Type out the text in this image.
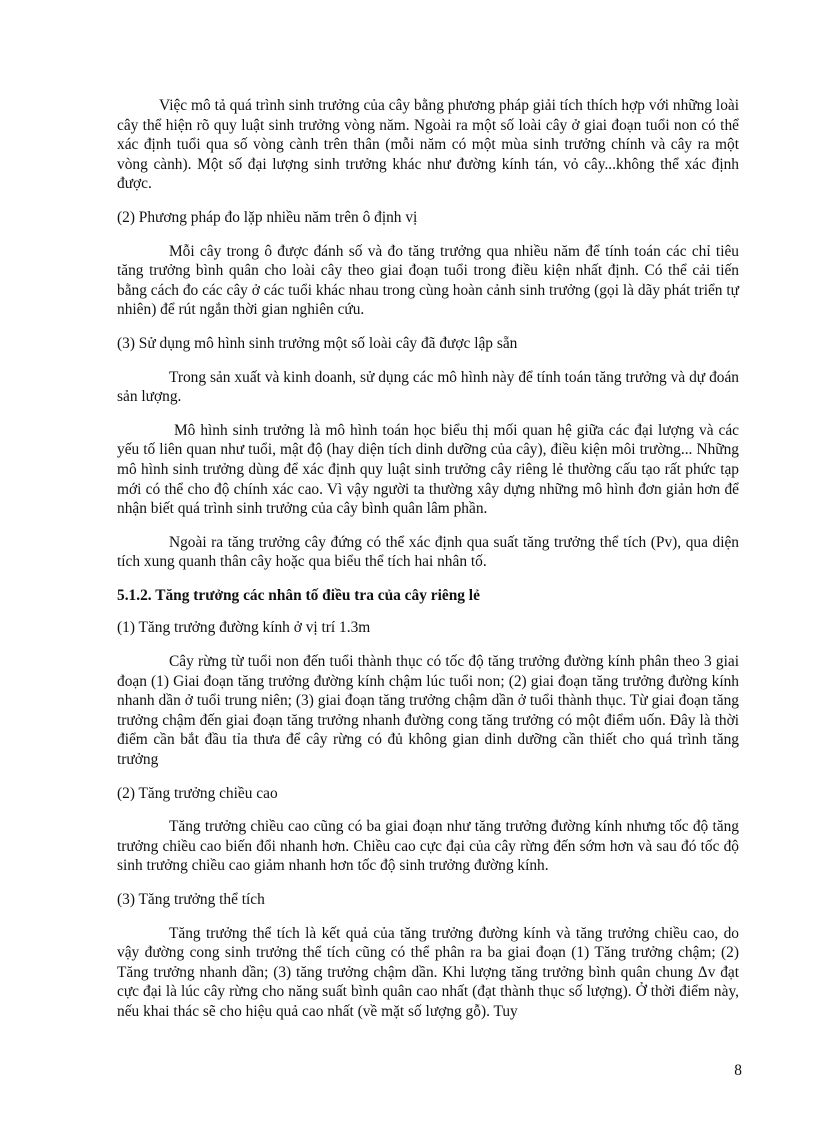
Việc mô tả quá trình sinh trưởng của cây bằng phương pháp giải tích thích hợp với những loài cây thể hiện rõ quy luật sinh trưởng vòng năm. Ngoài ra một số loài cây ở giai đoạn tuổi non có thể xác định tuổi qua số vòng cành trên thân (mỗi năm có một mùa sinh trưởng chính và cây ra một vòng cành). Một số đại lượng sinh trưởng khác như đường kính tán, vỏ cây...không thể xác định được.

(2) Phương pháp đo lặp nhiều năm trên ô định vị

Mỗi cây trong ô được đánh số và đo tăng trưởng qua nhiều năm để tính toán các chỉ tiêu tăng trưởng bình quân cho loài cây theo giai đoạn tuổi trong điều kiện nhất định. Có thể cải tiến bằng cách đo các cây ở các tuổi khác nhau trong cùng hoàn cảnh sinh trưởng (gọi là dãy phát triển tự nhiên) để rút ngắn thời gian nghiên cứu.

(3) Sử dụng mô hình sinh trưởng một số loài cây đã được lập sẵn

Trong sản xuất và kinh doanh, sử dụng các mô hình này để tính toán tăng trưởng và dự đoán sản lượng.

Mô hình sinh trưởng là mô hình toán học biểu thị mối quan hệ giữa các đại lượng và các yếu tố liên quan như tuổi, mật độ (hay diện tích dinh dưỡng của cây), điều kiện môi trường... Những mô hình sinh trưởng dùng để xác định quy luật sinh trưởng cây riêng lẻ thường cấu tạo rất phức tạp mới có thể cho độ chính xác cao. Vì vậy người ta thường xây dựng những mô hình đơn giản hơn để nhận biết quá trình sinh trưởng của cây bình quân lâm phần.

Ngoài ra tăng trưởng cây đứng có thể xác định qua suất tăng trưởng thể tích (Pv), qua diện tích xung quanh thân cây hoặc qua biểu thể tích hai nhân tố.

5.1.2. Tăng trưởng các nhân tố điều tra của cây riêng lẻ

(1) Tăng trưởng đường kính ở vị trí 1.3m

Cây rừng từ tuổi non đến tuổi thành thục có tốc độ tăng trưởng đường kính phân theo 3 giai đoạn (1) Giai đoạn tăng trưởng đường kính chậm lúc tuổi non; (2) giai đoạn tăng trưởng đường kính nhanh dần ở tuổi trung niên; (3) giai đoạn tăng trưởng chậm dần ở tuổi thành thục. Từ giai đoạn tăng trưởng chậm đến giai đoạn tăng trưởng nhanh đường cong tăng trưởng có một điểm uốn. Đây là thời điểm cần bắt đầu tỉa thưa để cây rừng có đủ không gian dinh dưỡng cần thiết cho quá trình tăng trưởng

(2) Tăng trưởng chiều cao

Tăng trưởng chiều cao cũng có ba giai đoạn như tăng trưởng đường kính nhưng tốc độ tăng trưởng chiều cao biến đổi nhanh hơn. Chiều cao cực đại của cây rừng đến sớm hơn và sau đó tốc độ sinh trưởng chiều cao giảm nhanh hơn tốc độ sinh trưởng đường kính.

(3) Tăng trưởng thể tích

Tăng trưởng thể tích là kết quả của tăng trưởng đường kính và tăng trưởng chiều cao, do vậy đường cong sinh trưởng thể tích cũng có thể phân ra ba giai đoạn (1) Tăng trưởng chậm; (2) Tăng trưởng nhanh dần; (3) tăng trưởng chậm dần. Khi lượng tăng trưởng bình quân chung Δv đạt cực đại là lúc cây rừng cho năng suất bình quân cao nhất (đạt thành thục số lượng). Ở thời điểm này, nếu khai thác sẽ cho hiệu quả cao nhất (về mặt số lượng gỗ). Tuy

8
